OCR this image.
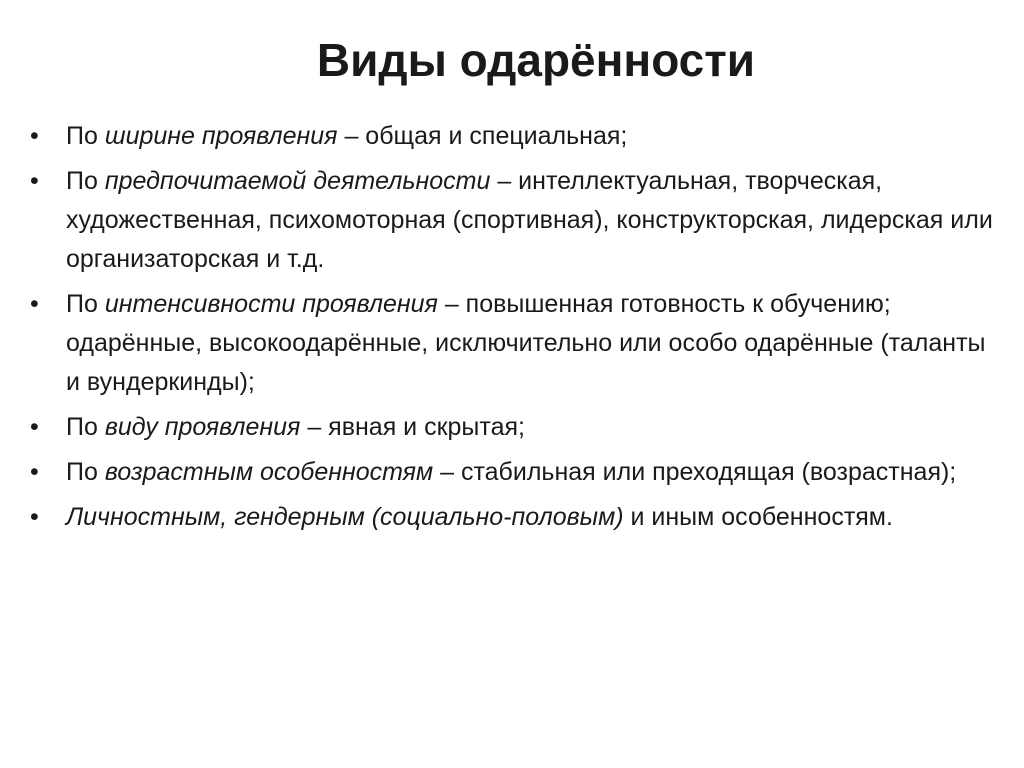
Виды одарённости
•	По ширине проявления – общая и специальная;
•	По предпочитаемой деятельности – интеллектуальная, творческая, художественная, психомоторная (спортивная), конструкторская, лидерская или организаторская и т.д.
•	По интенсивности проявления – повышенная готовность к обучению; одарённые, высокоодарённые, исключительно или особо одарённые (таланты и вундеркинды);
•	По виду проявления – явная и скрытая;
•	По возрастным особенностям – стабильная или преходящая (возрастная);
•	Личностным, гендерным (социально-половым) и иным особенностям.
